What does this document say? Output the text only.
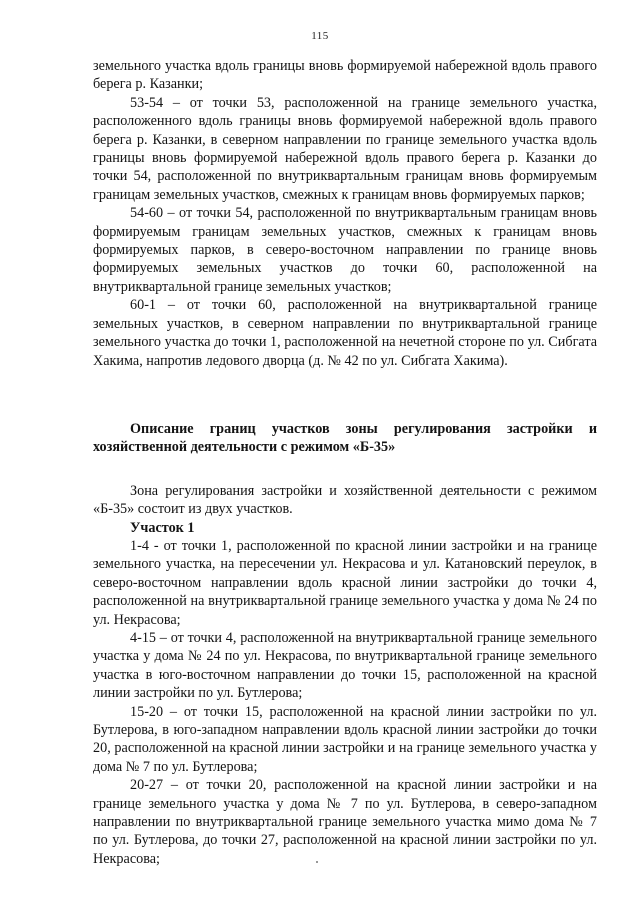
115

земельного участка вдоль границы вновь формируемой набережной вдоль правого берега р. Казанки;

53-54 – от точки 53, расположенной на границе земельного участка, расположенного вдоль границы вновь формируемой набережной вдоль правого берега р. Казанки, в северном направлении по границе земельного участка вдоль границы вновь формируемой набережной вдоль правого берега р. Казанки до точки 54, расположенной по внутриквартальным границам вновь формируемым границам земельных участков, смежных к границам вновь формируемых парков;

54-60 – от точки 54, расположенной по внутриквартальным границам вновь формируемым границам земельных участков, смежных к границам вновь формируемых парков, в северо-восточном направлении по границе вновь формируемых земельных участков до точки 60, расположенной на внутриквартальной границе земельных участков;

60-1 – от точки 60, расположенной на внутриквартальной границе земельных участков, в северном направлении по внутриквартальной границе земельного участка до точки 1, расположенной на нечетной стороне по ул. Сибгата Хакима, напротив ледового дворца (д. № 42 по ул. Сибгата Хакима).

Описание границ участков зоны регулирования застройки и хозяйственной деятельности с режимом «Б-35»

Зона регулирования застройки и хозяйственной деятельности с режимом «Б-35» состоит из двух участков.

Участок 1

1-4 - от точки 1, расположенной по красной линии застройки и на границе земельного участка, на пересечении ул. Некрасова и ул. Катановский переулок, в северо-восточном направлении вдоль красной линии застройки до точки 4, расположенной на внутриквартальной границе земельного участка у дома № 24 по ул. Некрасова;

4-15 – от точки 4, расположенной на внутриквартальной границе земельного участка у дома № 24 по ул. Некрасова, по внутриквартальной границе земельного участка в юго-восточном направлении до точки 15, расположенной на красной линии застройки по ул. Бутлерова;

15-20 – от точки 15, расположенной на красной линии застройки по ул. Бутлерова, в юго-западном направлении вдоль красной линии застройки до точки 20, расположенной на красной линии застройки и на границе земельного участка у дома № 7 по ул. Бутлерова;

20-27 – от точки 20, расположенной на красной линии застройки и на границе земельного участка у дома № 7 по ул. Бутлерова, в северо-западном направлении по внутриквартальной границе земельного участка мимо дома № 7 по ул. Бутлерова, до точки 27, расположенной на красной линии застройки по ул. Некрасова;
